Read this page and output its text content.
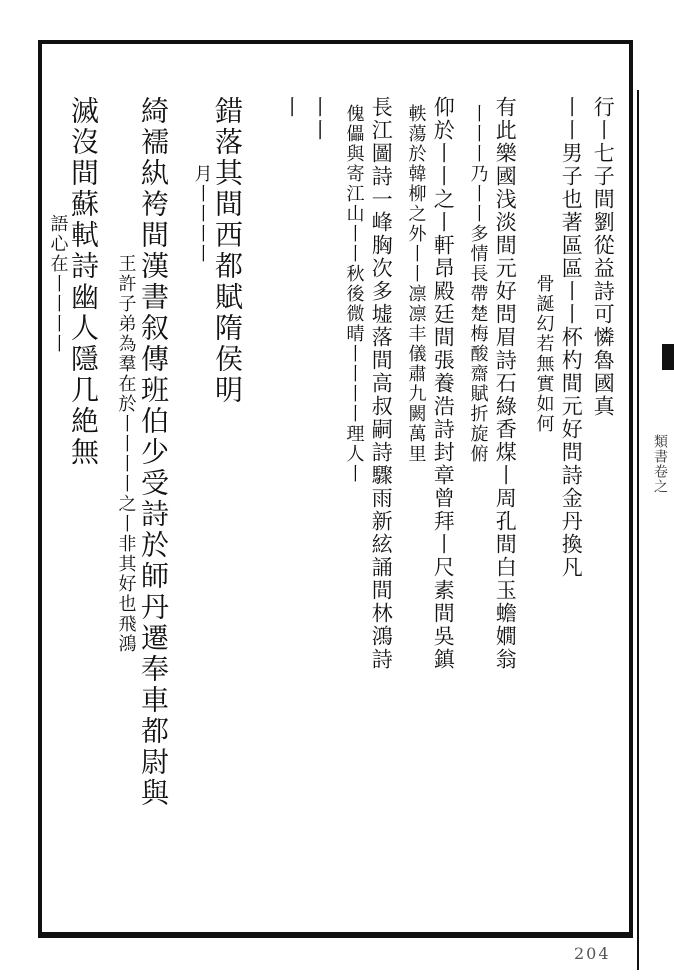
類書卷之
行丨七子間劉從益詩可憐魯國真
丨丨男子也著區區丨丨杯杓間元好問詩金丹換凡
骨誕幻若無實如何
有此樂國浅淡間元好問眉詩石綠香煤丨周孔間白玉蟾嫺翁
丨丨丨乃丨丨多情長帶楚梅酸齋賦折旋俯
仰於丨丨之丨軒昂殿廷間張養浩詩封章曾拜丨尺素間吳鎮
軼蕩於韓柳之外丨丨凛凛丰儀肅九闕萬里
長江圖詩一峰胸次多墟落間高叔嗣詩驟雨新絃誦間林鴻詩
傀儡與寄江山丨丨秋後微晴丨丨丨丨理人丨
丨丨
丨
錯落其間西都賦隋侯明
月丨丨丨丨
綺襦紈袴間漢書叙傳班伯少受詩於師丹遷奉車都尉與
王許子弟為羣在於丨丨丨丨之丨非其好也飛鴻
滅沒間蘇軾詩幽人隱几絶無
語心在丨丨丨丨
204
